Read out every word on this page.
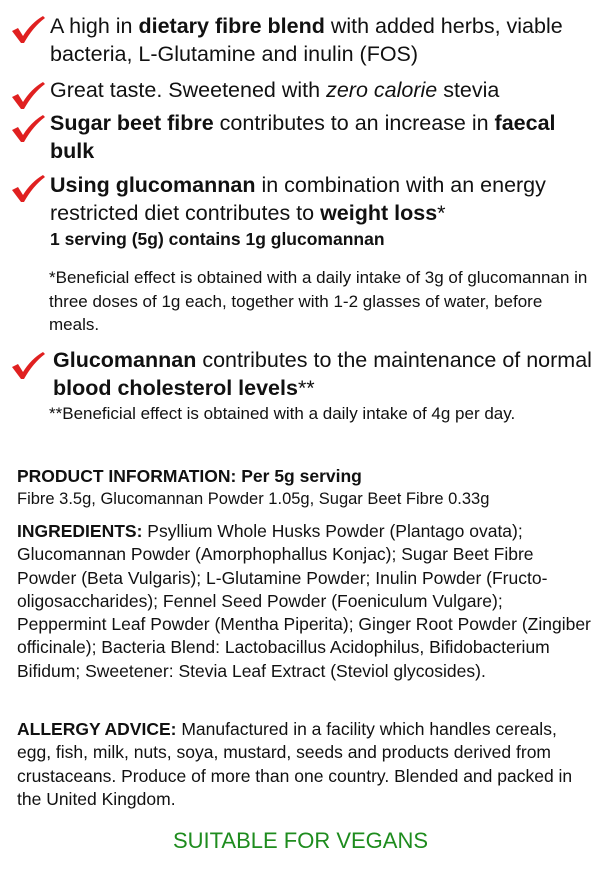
A high in dietary fibre blend with added herbs, viable bacteria, L-Glutamine and inulin (FOS)
Great taste. Sweetened with zero calorie stevia
Sugar beet fibre contributes to an increase in faecal bulk
Using glucomannan in combination with an energy restricted diet contributes to weight loss*
1 serving (5g) contains 1g glucomannan
*Beneficial effect is obtained with a daily intake of 3g of glucomannan in three doses of 1g each, together with 1-2 glasses of water, before meals.
Glucomannan contributes to the maintenance of normal blood cholesterol levels**
**Beneficial effect is obtained with a daily intake of 4g per day.
PRODUCT INFORMATION: Per 5g serving
Fibre 3.5g, Glucomannan Powder 1.05g, Sugar Beet Fibre 0.33g
INGREDIENTS: Psyllium Whole Husks Powder (Plantago ovata); Glucomannan Powder (Amorphophallus Konjac); Sugar Beet Fibre Powder (Beta Vulgaris); L-Glutamine Powder; Inulin Powder (Fructo-oligosaccharides); Fennel Seed Powder (Foeniculum Vulgare); Peppermint Leaf Powder (Mentha Piperita); Ginger Root Powder (Zingiber officinale); Bacteria Blend: Lactobacillus Acidophilus, Bifidobacterium Bifidum; Sweetener: Stevia Leaf Extract (Steviol glycosides).
ALLERGY ADVICE: Manufactured in a facility which handles cereals, egg, fish, milk, nuts, soya, mustard, seeds and products derived from crustaceans. Produce of more than one country. Blended and packed in the United Kingdom.
SUITABLE FOR VEGANS
